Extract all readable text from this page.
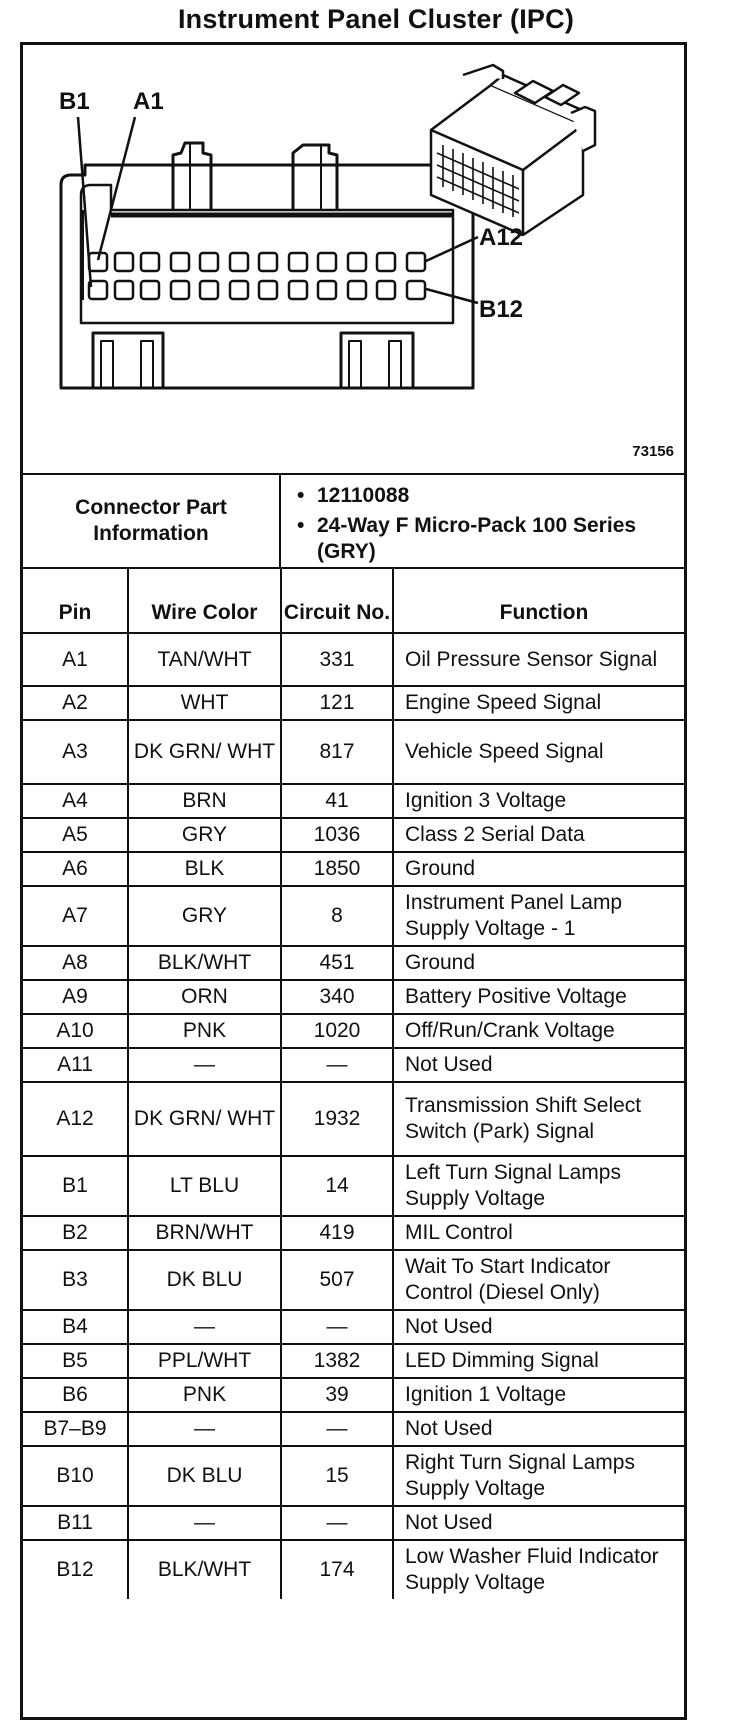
Instrument Panel Cluster (IPC)
B1 A1
A12
B12
73156
Connector Part Information
• 12110088
• 24-Way F Micro-Pack 100 Series (GRY)
Pin	Wire Color	Circuit No.	Function
A1	TAN/WHT	331	Oil Pressure Sensor Signal
A2	WHT	121	Engine Speed Signal
A3	DK GRN/ WHT	817	Vehicle Speed Signal
A4	BRN	41	Ignition 3 Voltage
A5	GRY	1036	Class 2 Serial Data
A6	BLK	1850	Ground
A7	GRY	8	Instrument Panel Lamp Supply Voltage - 1
A8	BLK/WHT	451	Ground
A9	ORN	340	Battery Positive Voltage
A10	PNK	1020	Off/Run/Crank Voltage
A11	—	—	Not Used
A12	DK GRN/ WHT	1932	Transmission Shift Select Switch (Park) Signal
B1	LT BLU	14	Left Turn Signal Lamps Supply Voltage
B2	BRN/WHT	419	MIL Control
B3	DK BLU	507	Wait To Start Indicator Control (Diesel Only)
B4	—	—	Not Used
B5	PPL/WHT	1382	LED Dimming Signal
B6	PNK	39	Ignition 1 Voltage
B7–B9	—	—	Not Used
B10	DK BLU	15	Right Turn Signal Lamps Supply Voltage
B11	—	—	Not Used
B12	BLK/WHT	174	Low Washer Fluid Indicator Supply Voltage
